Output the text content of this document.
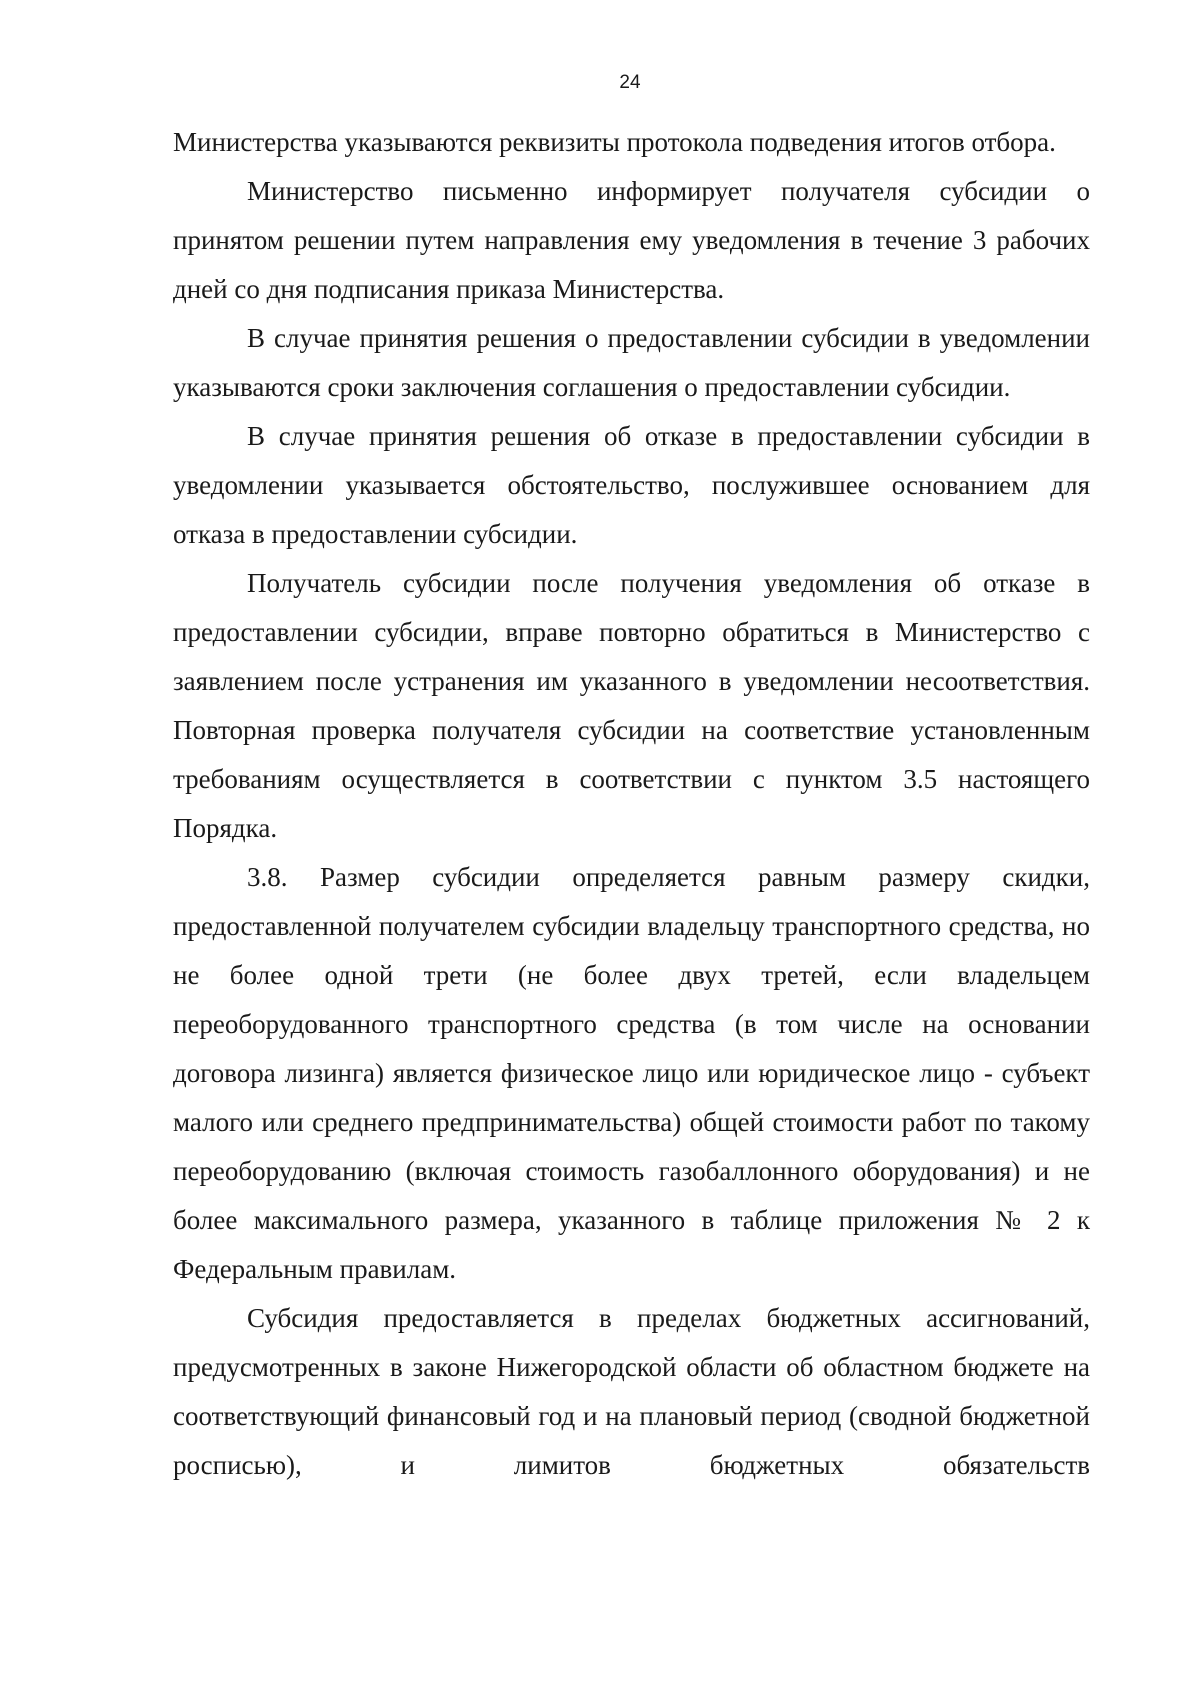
24

Министерства указываются реквизиты протокола подведения итогов отбора.

Министерство письменно информирует получателя субсидии о принятом решении путем направления ему уведомления в течение 3 рабочих дней со дня подписания приказа Министерства.

В случае принятия решения о предоставлении субсидии в уведомлении указываются сроки заключения соглашения о предоставлении субсидии.

В случае принятия решения об отказе в предоставлении субсидии в уведомлении указывается обстоятельство, послужившее основанием для отказа в предоставлении субсидии.

Получатель субсидии после получения уведомления об отказе в предоставлении субсидии, вправе повторно обратиться в Министерство с заявлением после устранения им указанного в уведомлении несоответствия. Повторная проверка получателя субсидии на соответствие установленным требованиям осуществляется в соответствии с пунктом 3.5 настоящего Порядка.

3.8. Размер субсидии определяется равным размеру скидки, предоставленной получателем субсидии владельцу транспортного средства, но не более одной трети (не более двух третей, если владельцем переоборудованного транспортного средства (в том числе на основании договора лизинга) является физическое лицо или юридическое лицо - субъект малого или среднего предпринимательства) общей стоимости работ по такому переоборудованию (включая стоимость газобаллонного оборудования) и не более максимального размера, указанного в таблице приложения № 2 к Федеральным правилам.

Субсидия предоставляется в пределах бюджетных ассигнований, предусмотренных в законе Нижегородской области об областном бюджете на соответствующий финансовый год и на плановый период (сводной бюджетной росписью), и лимитов бюджетных обязательств
